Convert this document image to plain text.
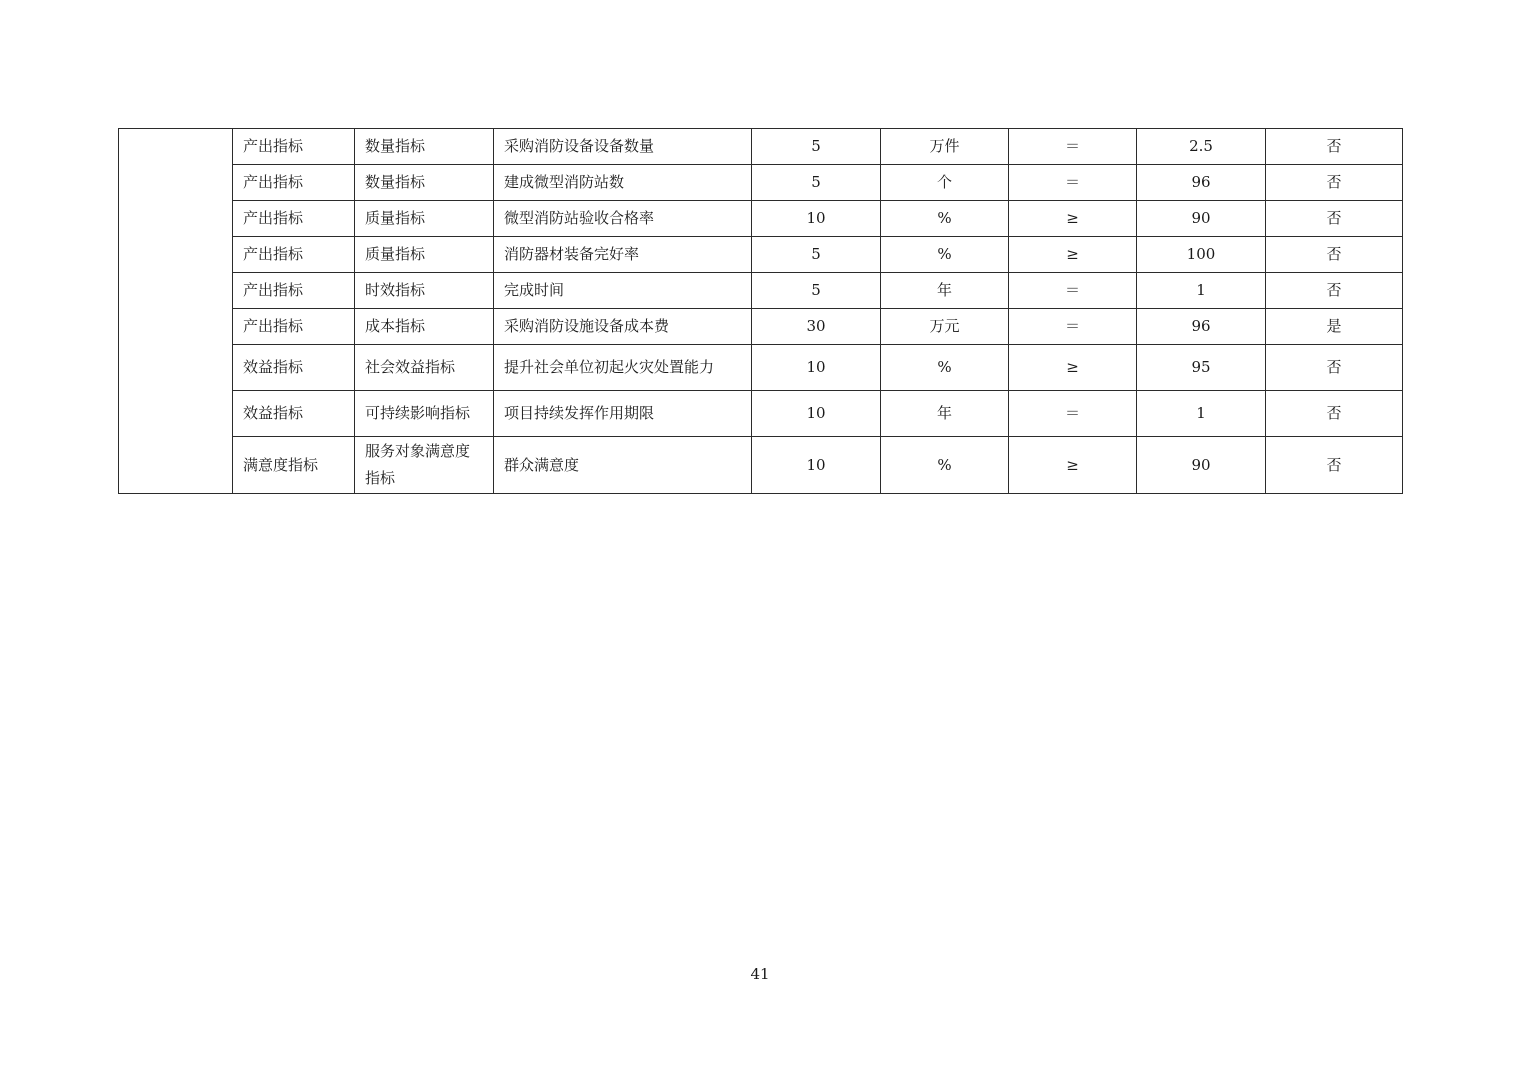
	产出指标	数量指标	采购消防设备设备数量	5	万件	＝	2.5	否
	产出指标	数量指标	建成微型消防站数	5	个	＝	96	否
	产出指标	质量指标	微型消防站验收合格率	10	%	≥	90	否
	产出指标	质量指标	消防器材装备完好率	5	%	≥	100	否
	产出指标	时效指标	完成时间	5	年	＝	1	否
	产出指标	成本指标	采购消防设施设备成本费	30	万元	＝	96	是
	效益指标	社会效益指标	提升社会单位初起火灾处置能力	10	%	≥	95	否
	效益指标	可持续影响指标	项目持续发挥作用期限	10	年	＝	1	否
	满意度指标	服务对象满意度指标	群众满意度	10	%	≥	90	否
41
